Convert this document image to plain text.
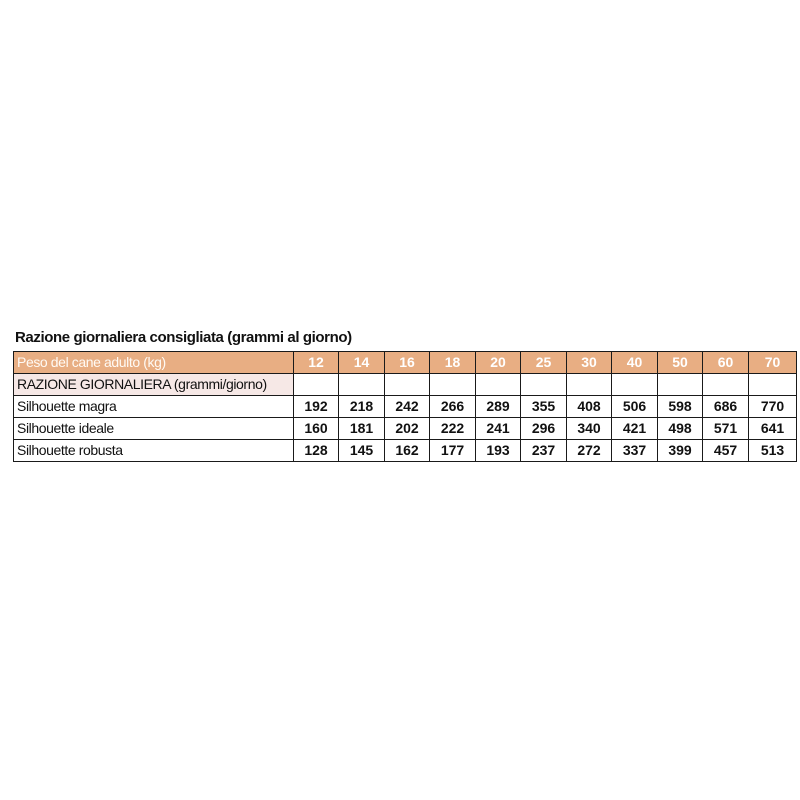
Razione giornaliera consigliata (grammi al giorno)
Peso del cane adulto (kg)	12	14	16	18	20	25	30	40	50	60	70
RAZIONE GIORNALIERA (grammi/giorno)											
Silhouette magra	192	218	242	266	289	355	408	506	598	686	770
Silhouette ideale	160	181	202	222	241	296	340	421	498	571	641
Silhouette robusta	128	145	162	177	193	237	272	337	399	457	513
